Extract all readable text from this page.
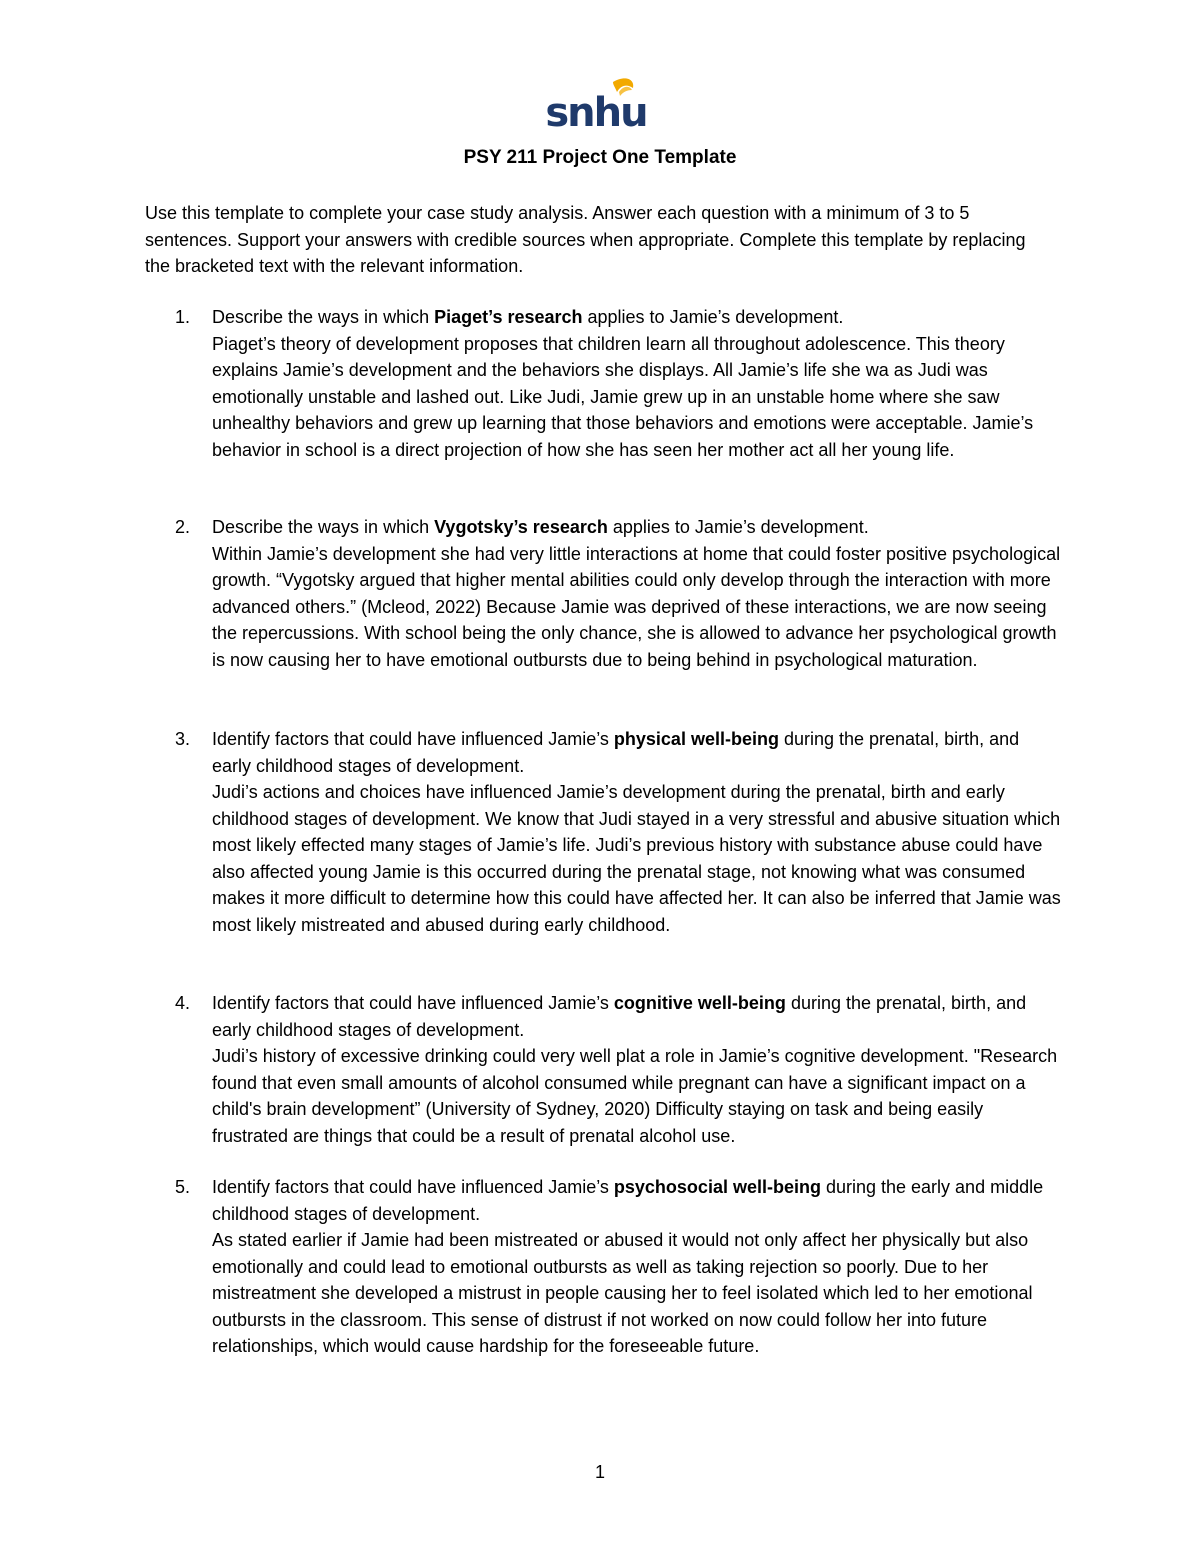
snhu
PSY 211 Project One Template

Use this template to complete your case study analysis. Answer each question with a minimum of 3 to 5 sentences. Support your answers with credible sources when appropriate. Complete this template by replacing the bracketed text with the relevant information.

1. Describe the ways in which Piaget’s research applies to Jamie’s development.

Piaget’s theory of development proposes that children learn all throughout adolescence. This theory explains Jamie’s development and the behaviors she displays. All Jamie’s life she wa as Judi was emotionally unstable and lashed out. Like Judi, Jamie grew up in an unstable home where she saw unhealthy behaviors and grew up learning that those behaviors and emotions were acceptable. Jamie’s behavior in school is a direct projection of how she has seen her mother act all her young life.

2. Describe the ways in which Vygotsky’s research applies to Jamie’s development.

Within Jamie’s development she had very little interactions at home that could foster positive psychological growth. “Vygotsky argued that higher mental abilities could only develop through the interaction with more advanced others.” (Mcleod, 2022) Because Jamie was deprived of these interactions, we are now seeing the repercussions. With school being the only chance, she is allowed to advance her psychological growth is now causing her to have emotional outbursts due to being behind in psychological maturation.

3. Identify factors that could have influenced Jamie’s physical well-being during the prenatal, birth, and early childhood stages of development.

Judi’s actions and choices have influenced Jamie’s development during the prenatal, birth and early childhood stages of development. We know that Judi stayed in a very stressful and abusive situation which most likely effected many stages of Jamie’s life. Judi’s previous history with substance abuse could have also affected young Jamie is this occurred during the prenatal stage, not knowing what was consumed makes it more difficult to determine how this could have affected her. It can also be inferred that Jamie was most likely mistreated and abused during early childhood.

4. Identify factors that could have influenced Jamie’s cognitive well-being during the prenatal, birth, and early childhood stages of development.

Judi’s history of excessive drinking could very well plat a role in Jamie’s cognitive development. "Research found that even small amounts of alcohol consumed while pregnant can have a significant impact on a child's brain development” (University of Sydney, 2020) Difficulty staying on task and being easily frustrated are things that could be a result of prenatal alcohol use.

5. Identify factors that could have influenced Jamie’s psychosocial well-being during the early and middle childhood stages of development.

As stated earlier if Jamie had been mistreated or abused it would not only affect her physically but also emotionally and could lead to emotional outbursts as well as taking rejection so poorly. Due to her mistreatment she developed a mistrust in people causing her to feel isolated which led to her emotional outbursts in the classroom. This sense of distrust if not worked on now could follow her into future relationships, which would cause hardship for the foreseeable future.

1
